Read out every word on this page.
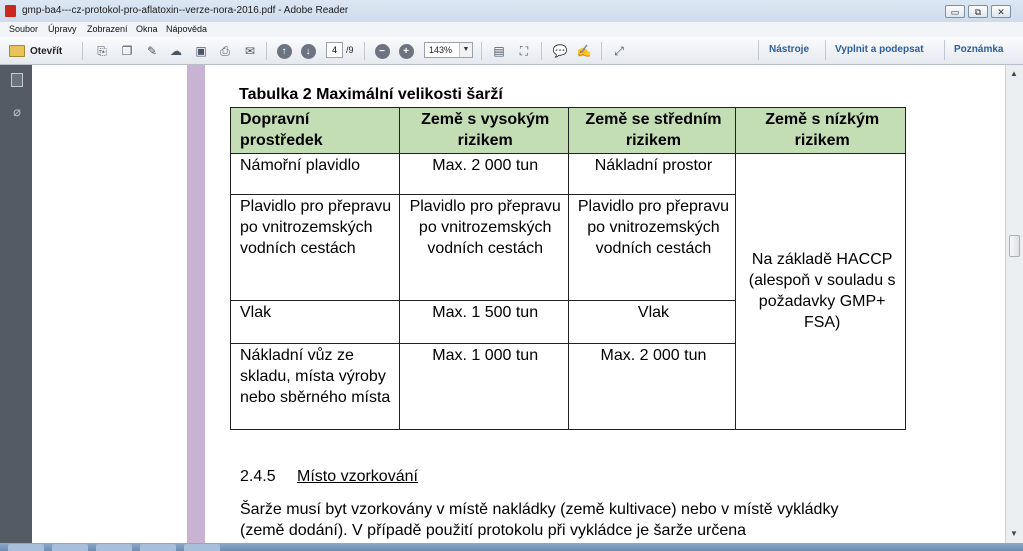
gmp-ba4---cz-protokol-pro-aflatoxin--verze-nora-2016.pdf - Adobe Reader	▭	⧉	✕
Soubor Úpravy Zobrazení Okna Nápověda
Otevřít	⎘ ❐ ✎ ☁ ▣ ⎙ ✉	↑	↓	−	+	▤ ⛶ 💬 ✍ ⤢
4
/9	143%	▼	Nástroje	Vyplnit a podepsat	Poznámka
⌀
Tabulka 2 Maximální velikosti šarží
Dopravní prostředek	Země s vysokým rizikem	Země se středním rizikem	Země s nízkým rizikem
Námořní plavidlo	Max. 2 000 tun	Nákladní prostor	Na základě HACCP (alespoň v souladu s požadavky GMP+ FSA)
Plavidlo pro přepravu po vnitrozemských vodních cestách	Plavidlo pro přepravu po vnitrozemských vodních cestách	Plavidlo pro přepravu po vnitrozemských vodních cestách	
Vlak	Max. 1 500 tun	Vlak	
Nákladní vůz ze skladu, místa výroby nebo sběrného místa	Max. 1 000 tun	Max. 2 000 tun	
2.4.5 Místo vzorkování
Šarže musí byt vzorkovány v místě nakládky (země kultivace) nebo v místě vykládky (země dodání). V případě použití protokolu při vykládce je šarže určena
▲
▼
